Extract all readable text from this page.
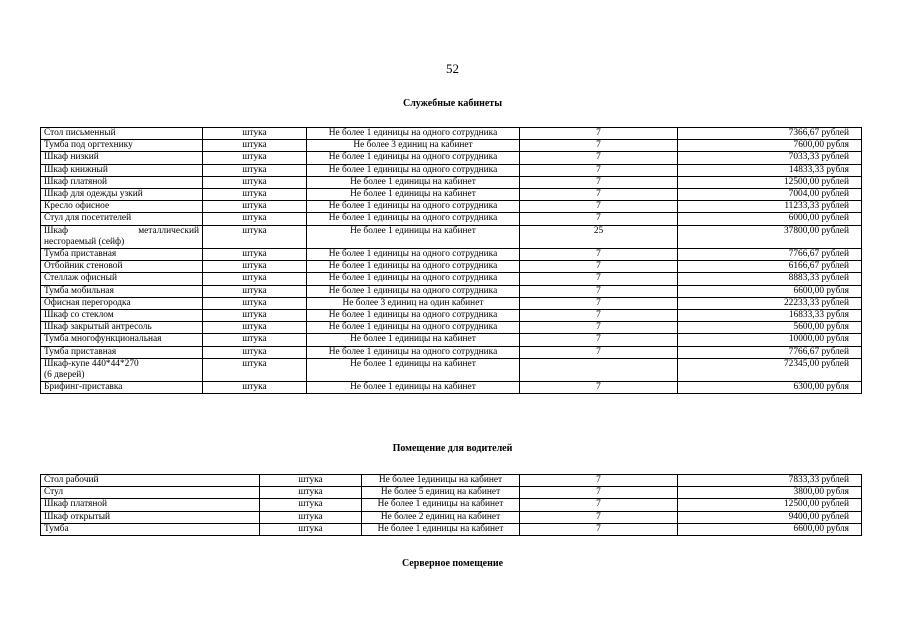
52
Служебные кабинеты
Стол письменный	штука	Не более 1 единицы на одного сотрудника	7	7366,67 рублей
Тумба под оргтехнику	штука	Не более 3 единиц на кабинет	7	7600,00 рубля
Шкаф низкий	штука	Не более 1 единицы на одного сотрудника	7	7033,33 рублей
Шкаф книжный	штука	Не более 1 единицы на одного сотрудника	7	14833,33 рубля
Шкаф платяной	штука	Не более 1 единицы на кабинет	7	12500,00 рублей
Шкаф для одежды узкий	штука	Не более 1 единицы на кабинет	7	7004,00 рублей
Кресло офисное	штука	Не более 1 единицы на одного сотрудника	7	11233,33 рублей
Стул для посетителей	штука	Не более 1 единицы на одного сотрудника	7	6000,00 рублей

Шкаф металлический
несгораемый (сейф)	штука	Не более 1 единицы на кабинет	25	37800,00 рублей
Тумба приставная	штука	Не более 1 единицы на одного сотрудника	7	7766,67 рублей
Отбойник стеновой	штука	Не более 1 единицы на одного сотрудника	7	6166,67 рублей
Стеллаж офисный	штука	Не более 1 единицы на одного сотрудника	7	8883,33 рублей
Тумба мобильная	штука	Не более 1 единицы на одного сотрудника	7	6600,00 рубля
Офисная перегородка	штука	Не более 3 единиц на один кабинет	7	22233,33 рублей
Шкаф со стеклом	штука	Не более 1 единицы на одного сотрудника	7	16833,33 рубля
Шкаф закрытый антресоль	штука	Не более 1 единицы на одного сотрудника	7	5600,00 рубля
Тумба многофункциональная	штука	Не более 1 единицы на кабинет	7	10000,00 рубля
Тумба приставная	штука	Не более 1 единицы на одного сотрудника	7	7766,67 рублей

Шкаф-купе 440*44*270
(6 дверей)	штука	Не более 1 единицы на кабинет		72345,00 рублей
Брифинг-приставка	штука	Не более 1 единицы на кабинет	7	6300,00 рубля
Помещение для водителей
Стол рабочий	штука	Не более 1единицы на кабинет	7	7833,33 рублей
Стул	штука	Не более 5 единиц на кабинет	7	3800,00 рубля
Шкаф платяной	штука	Не более 1 единицы на кабинет	7	12500,00 рублей
Шкаф открытый	штука	Не более 2 единиц на кабинет	7	9400,00 рублей
Тумба	штука	Не более 1 единицы на кабинет	7	6600,00 рубля
Серверное помещение
